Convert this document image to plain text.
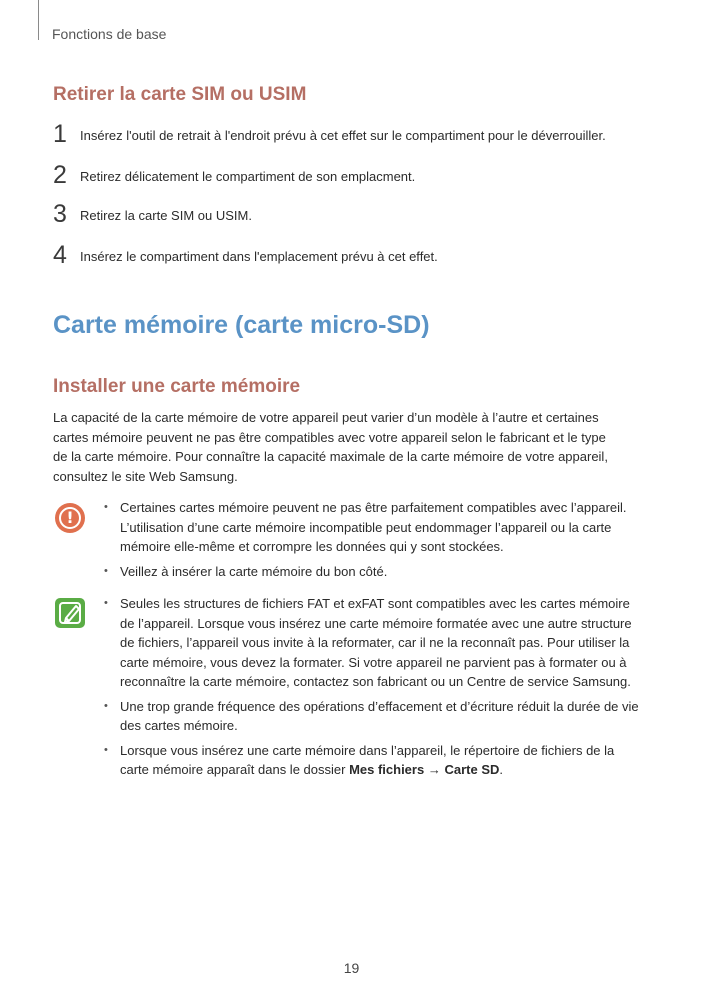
Fonctions de base
Retirer la carte SIM ou USIM
1 Insérez l'outil de retrait à l'endroit prévu à cet effet sur le compartiment pour le déverrouiller.
2 Retirez délicatement le compartiment de son emplacment.
3 Retirez la carte SIM ou USIM.
4 Insérez le compartiment dans l'emplacement prévu à cet effet.
Carte mémoire (carte micro-SD)
Installer une carte mémoire

La capacité de la carte mémoire de votre appareil peut varier d’un modèle à l’autre et certaines

cartes mémoire peuvent ne pas être compatibles avec votre appareil selon le fabricant et le type

de la carte mémoire. Pour connaître la capacité maximale de la carte mémoire de votre appareil,

consultez le site Web Samsung.

!
• Certaines cartes mémoire peuvent ne pas être parfaitement compatibles avec l’appareil. L’utilisation d’une carte mémoire incompatible peut endommager l’appareil ou la carte mémoire elle-même et corrompre les données qui y sont stockées.
• Veillez à insérer la carte mémoire du bon côté.
• Seules les structures de fichiers FAT et exFAT sont compatibles avec les cartes mémoire de l’appareil. Lorsque vous insérez une carte mémoire formatée avec une autre structure de fichiers, l’appareil vous invite à la reformater, car il ne la reconnaît pas. Pour utiliser la carte mémoire, vous devez la formater. Si votre appareil ne parvient pas à formater ou à reconnaître la carte mémoire, contactez son fabricant ou un Centre de service Samsung.
• Une trop grande fréquence des opérations d’effacement et d’écriture réduit la durée de vie des cartes mémoire.
• Lorsque vous insérez une carte mémoire dans l’appareil, le répertoire de fichiers de la carte mémoire apparaît dans le dossier Mes fichiers → Carte SD.
19
